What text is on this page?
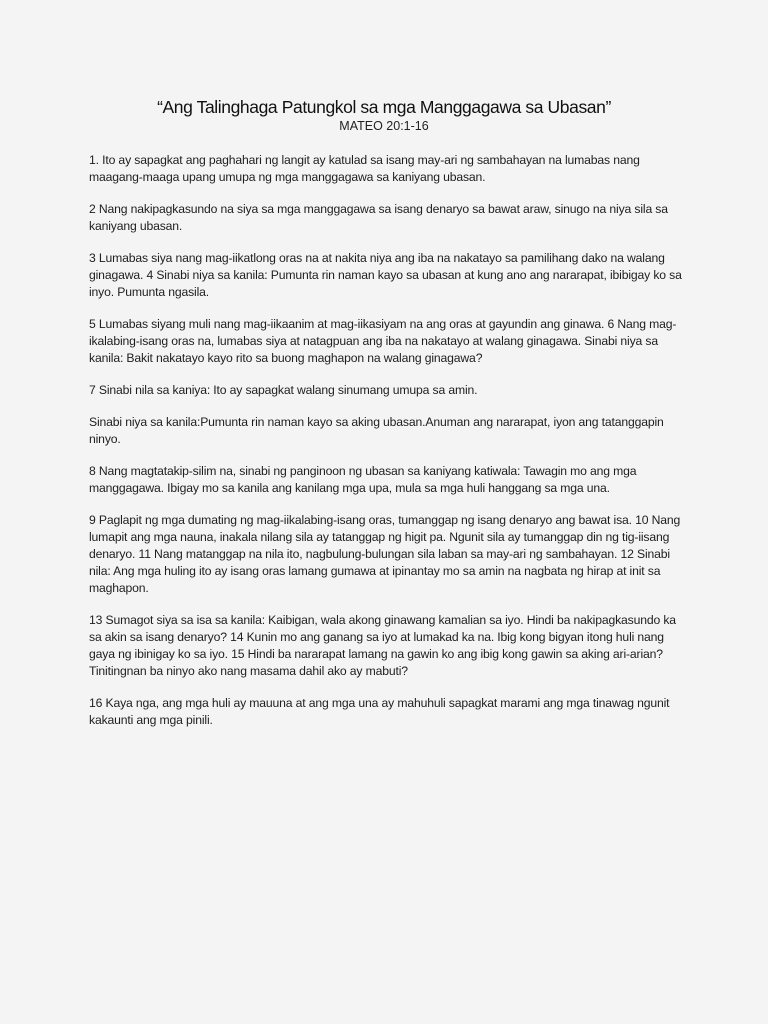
“Ang Talinghaga Patungkol sa mga Manggagawa sa Ubasan”
MATEO 20:1-16

1. Ito ay sapagkat ang paghahari ng langit ay katulad sa isang may-ari ng sambahayan na lumabas nang maagang-maaga upang umupa ng mga manggagawa sa kaniyang ubasan.

2 Nang nakipagkasundo na siya sa mga manggagawa sa isang denaryo sa bawat araw, sinugo na niya sila sa kaniyang ubasan.

3 Lumabas siya nang mag-iikatlong oras na at nakita niya ang iba na nakatayo sa pamilihang dako na walang ginagawa. 4 Sinabi niya sa kanila: Pumunta rin naman kayo sa ubasan at kung ano ang nararapat, ibibigay ko sa inyo. Pumunta ngasila.

5 Lumabas siyang muli nang mag-iikaanim at mag-iikasiyam na ang oras at gayundin ang ginawa. 6 Nang mag-ikalabing-isang oras na, lumabas siya at natagpuan ang iba na nakatayo at walang ginagawa. Sinabi niya sa kanila: Bakit nakatayo kayo rito sa buong maghapon na walang ginagawa?

7 Sinabi nila sa kaniya: Ito ay sapagkat walang sinumang umupa sa amin.

Sinabi niya sa kanila:Pumunta rin naman kayo sa aking ubasan.Anuman ang nararapat, iyon ang tatanggapin ninyo.

8 Nang magtatakip-silim na, sinabi ng panginoon ng ubasan sa kaniyang katiwala: Tawagin mo ang mga manggagawa. Ibigay mo sa kanila ang kanilang mga upa, mula sa mga huli hanggang sa mga una.

9 Paglapit ng mga dumating ng mag-iikalabing-isang oras, tumanggap ng isang denaryo ang bawat isa. 10 Nang lumapit ang mga nauna, inakala nilang sila ay tatanggap ng higit pa. Ngunit sila ay tumanggap din ng tig-iisang denaryo. 11 Nang matanggap na nila ito, nagbulung-bulungan sila laban sa may-ari ng sambahayan. 12 Sinabi nila: Ang mga huling ito ay isang oras lamang gumawa at ipinantay mo sa amin na nagbata ng hirap at init sa maghapon.

13 Sumagot siya sa isa sa kanila: Kaibigan, wala akong ginawang kamalian sa iyo. Hindi ba nakipagkasundo ka sa akin sa isang denaryo? 14 Kunin mo ang ganang sa iyo at lumakad ka na. Ibig kong bigyan itong huli nang gaya ng ibinigay ko sa iyo. 15 Hindi ba nararapat lamang na gawin ko ang ibig kong gawin sa aking ari-arian?Tinitingnan ba ninyo ako nang masama dahil ako ay mabuti?

16 Kaya nga, ang mga huli ay mauuna at ang mga una ay mahuhuli sapagkat marami ang mga tinawag ngunit kakaunti ang mga pinili.
